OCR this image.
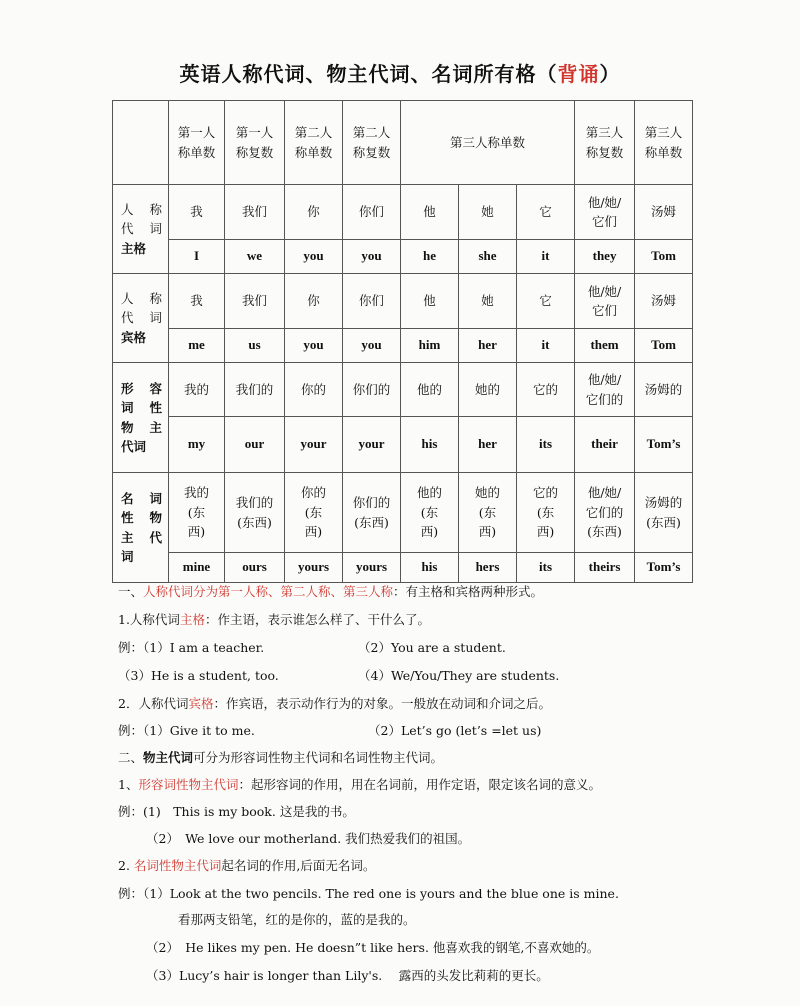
英语人称代词、物主代词、名词所有格（背诵）
	第一人称单数	第一人称复数	第二人称单数	第二人称复数	第三人称单数			第三人称复数	第三人称单数

人　称
代　词
主格	我	我们	你	你们	他	她	它	他/她/它们	汤姆
	I	we	you	you	he	she	it	they	Tom

人　称
代　词
宾格	我	我们	你	你们	他	她	它	他/她/它们	汤姆
	me	us	you	you	him	her	it	them	Tom

形　容
词　性
物　主
代词	我的	我们的	你的	你们的	他的	她的	它的	他/她/它们的	汤姆的
	my	our	your	your	his	her	its	their	Tom’s

名　词
性　物
主　代
词	我的(东西)	我们的(东西)	你的(东西)	你们的(东西)	他的(东西)	她的(东西)	它的(东西)	他/她/它们的(东西)	汤姆的(东西)
	mine	ours	yours	yours	his	hers	its	theirs	Tom’s
一、人称代词分为第一人称、第二人称、第三人称：有主格和宾格两种形式。
1.人称代词主格：作主语，表示谁怎么样了、干什么了。
例：（1）I am a teacher.	（2）You are a student.
（3）He is a student, too.	（4）We/You/They are students.
2．人称代词宾格：作宾语，表示动作行为的对象。一般放在动词和介词之后。
例：（1）Give it to me.	（2）Let’s go (let’s =let us)
二、物主代词可分为形容词性物主代词和名词性物主代词。
1、形容词性物主代词：起形容词的作用，用在名词前，用作定语，限定该名词的意义。
例：(1)　This is my book. 这是我的书。
（2）　We love our motherland. 我们热爱我们的祖国。
2. 名词性物主代词起名词的作用,后面无名词。
例：（1）Look at the two pencils. The red one is yours and the blue one is mine.
看那两支铅笔，红的是你的，蓝的是我的。
（2）　He likes my pen. He doesn”t like hers. 他喜欢我的钢笔,不喜欢她的。
（3）Lucy’s hair is longer than Lily's.　 露西的头发比莉莉的更长。
